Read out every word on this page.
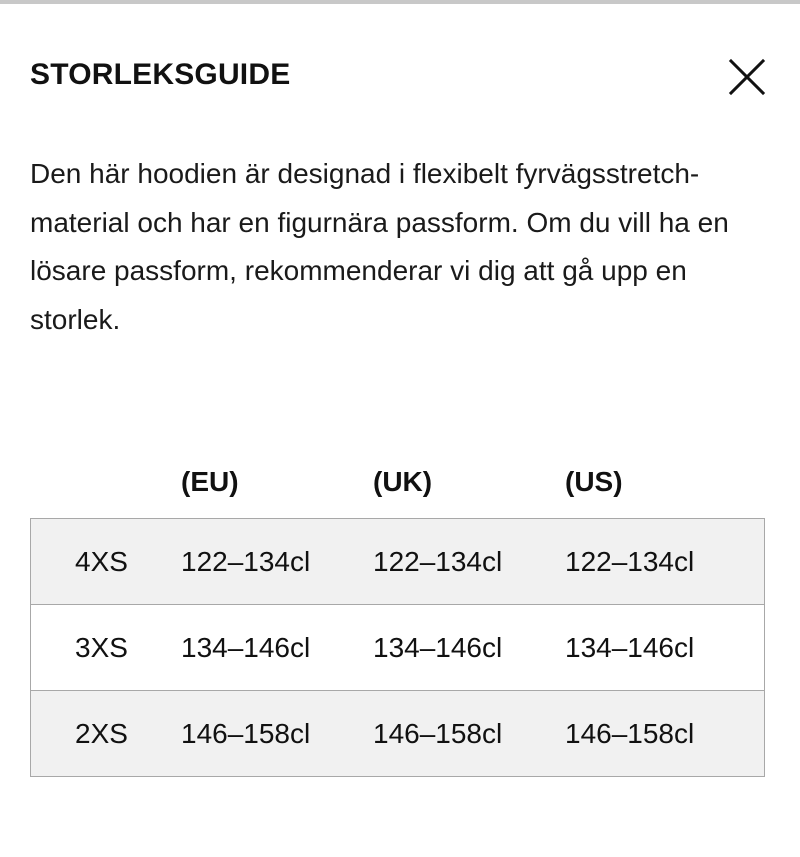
STORLEKSGUIDE

Den här hoodien är designad i flexibelt fyrvägsstretch-material och har en figurnära passform. Om du vill ha en lösare passform, rekommenderar vi dig att gå upp en storlek.

	(EU)	(UK)	(US)
4XS	122–134cl	122–134cl	122–134cl
3XS	134–146cl	134–146cl	134–146cl
2XS	146–158cl	146–158cl	146–158cl
